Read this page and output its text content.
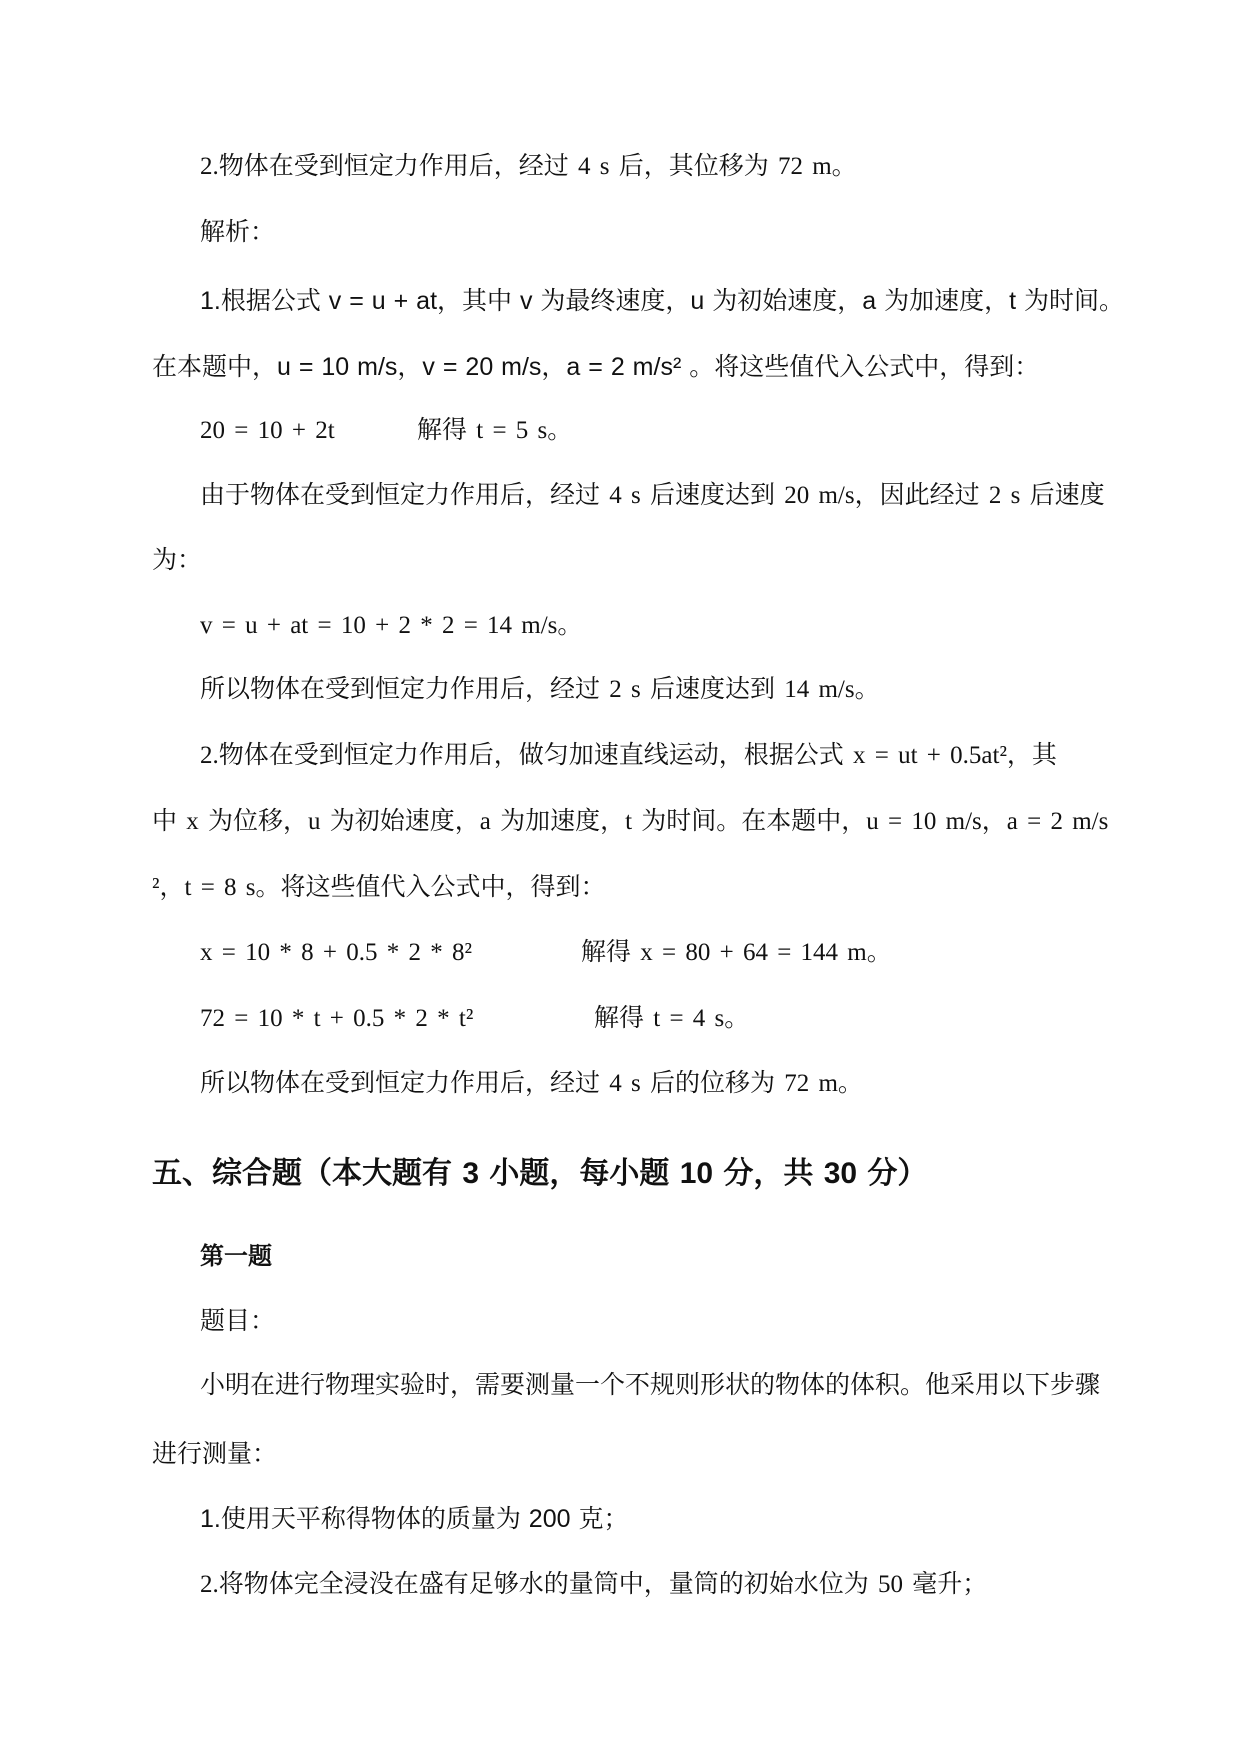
2.物体在受到恒定力作用后，经过 4 s 后，其位移为 72 m。
解析：
1.根据公式 v = u + at，其中 v 为最终速度，u 为初始速度，a 为加速度，t 为时间。
在本题中，u = 10 m/s，v = 20 m/s，a = 2 m/s² 。将这些值代入公式中，得到：
20 = 10 + 2t	解得 t = 5 s。
由于物体在受到恒定力作用后，经过 4 s 后速度达到 20 m/s，因此经过 2 s 后速度
为：
v = u + at = 10 + 2 * 2 = 14 m/s。
所以物体在受到恒定力作用后，经过 2 s 后速度达到 14 m/s。
2.物体在受到恒定力作用后，做匀加速直线运动，根据公式 x = ut + 0.5at²，其
中 x 为位移，u 为初始速度，a 为加速度，t 为时间。在本题中，u = 10 m/s，a = 2 m/s
²，t = 8 s。将这些值代入公式中，得到：
x = 10 * 8 + 0.5 * 2 * 8²	解得 x = 80 + 64 = 144 m。
72 = 10 * t + 0.5 * 2 * t²	解得 t = 4 s。
所以物体在受到恒定力作用后，经过 4 s 后的位移为 72 m。
五、综合题（本大题有 3 小题，每小题 10 分，共 30 分）
第一题
题目：
小明在进行物理实验时，需要测量一个不规则形状的物体的体积。他采用以下步骤
进行测量：
1.使用天平称得物体的质量为 200 克；
2.将物体完全浸没在盛有足够水的量筒中，量筒的初始水位为 50 毫升；
